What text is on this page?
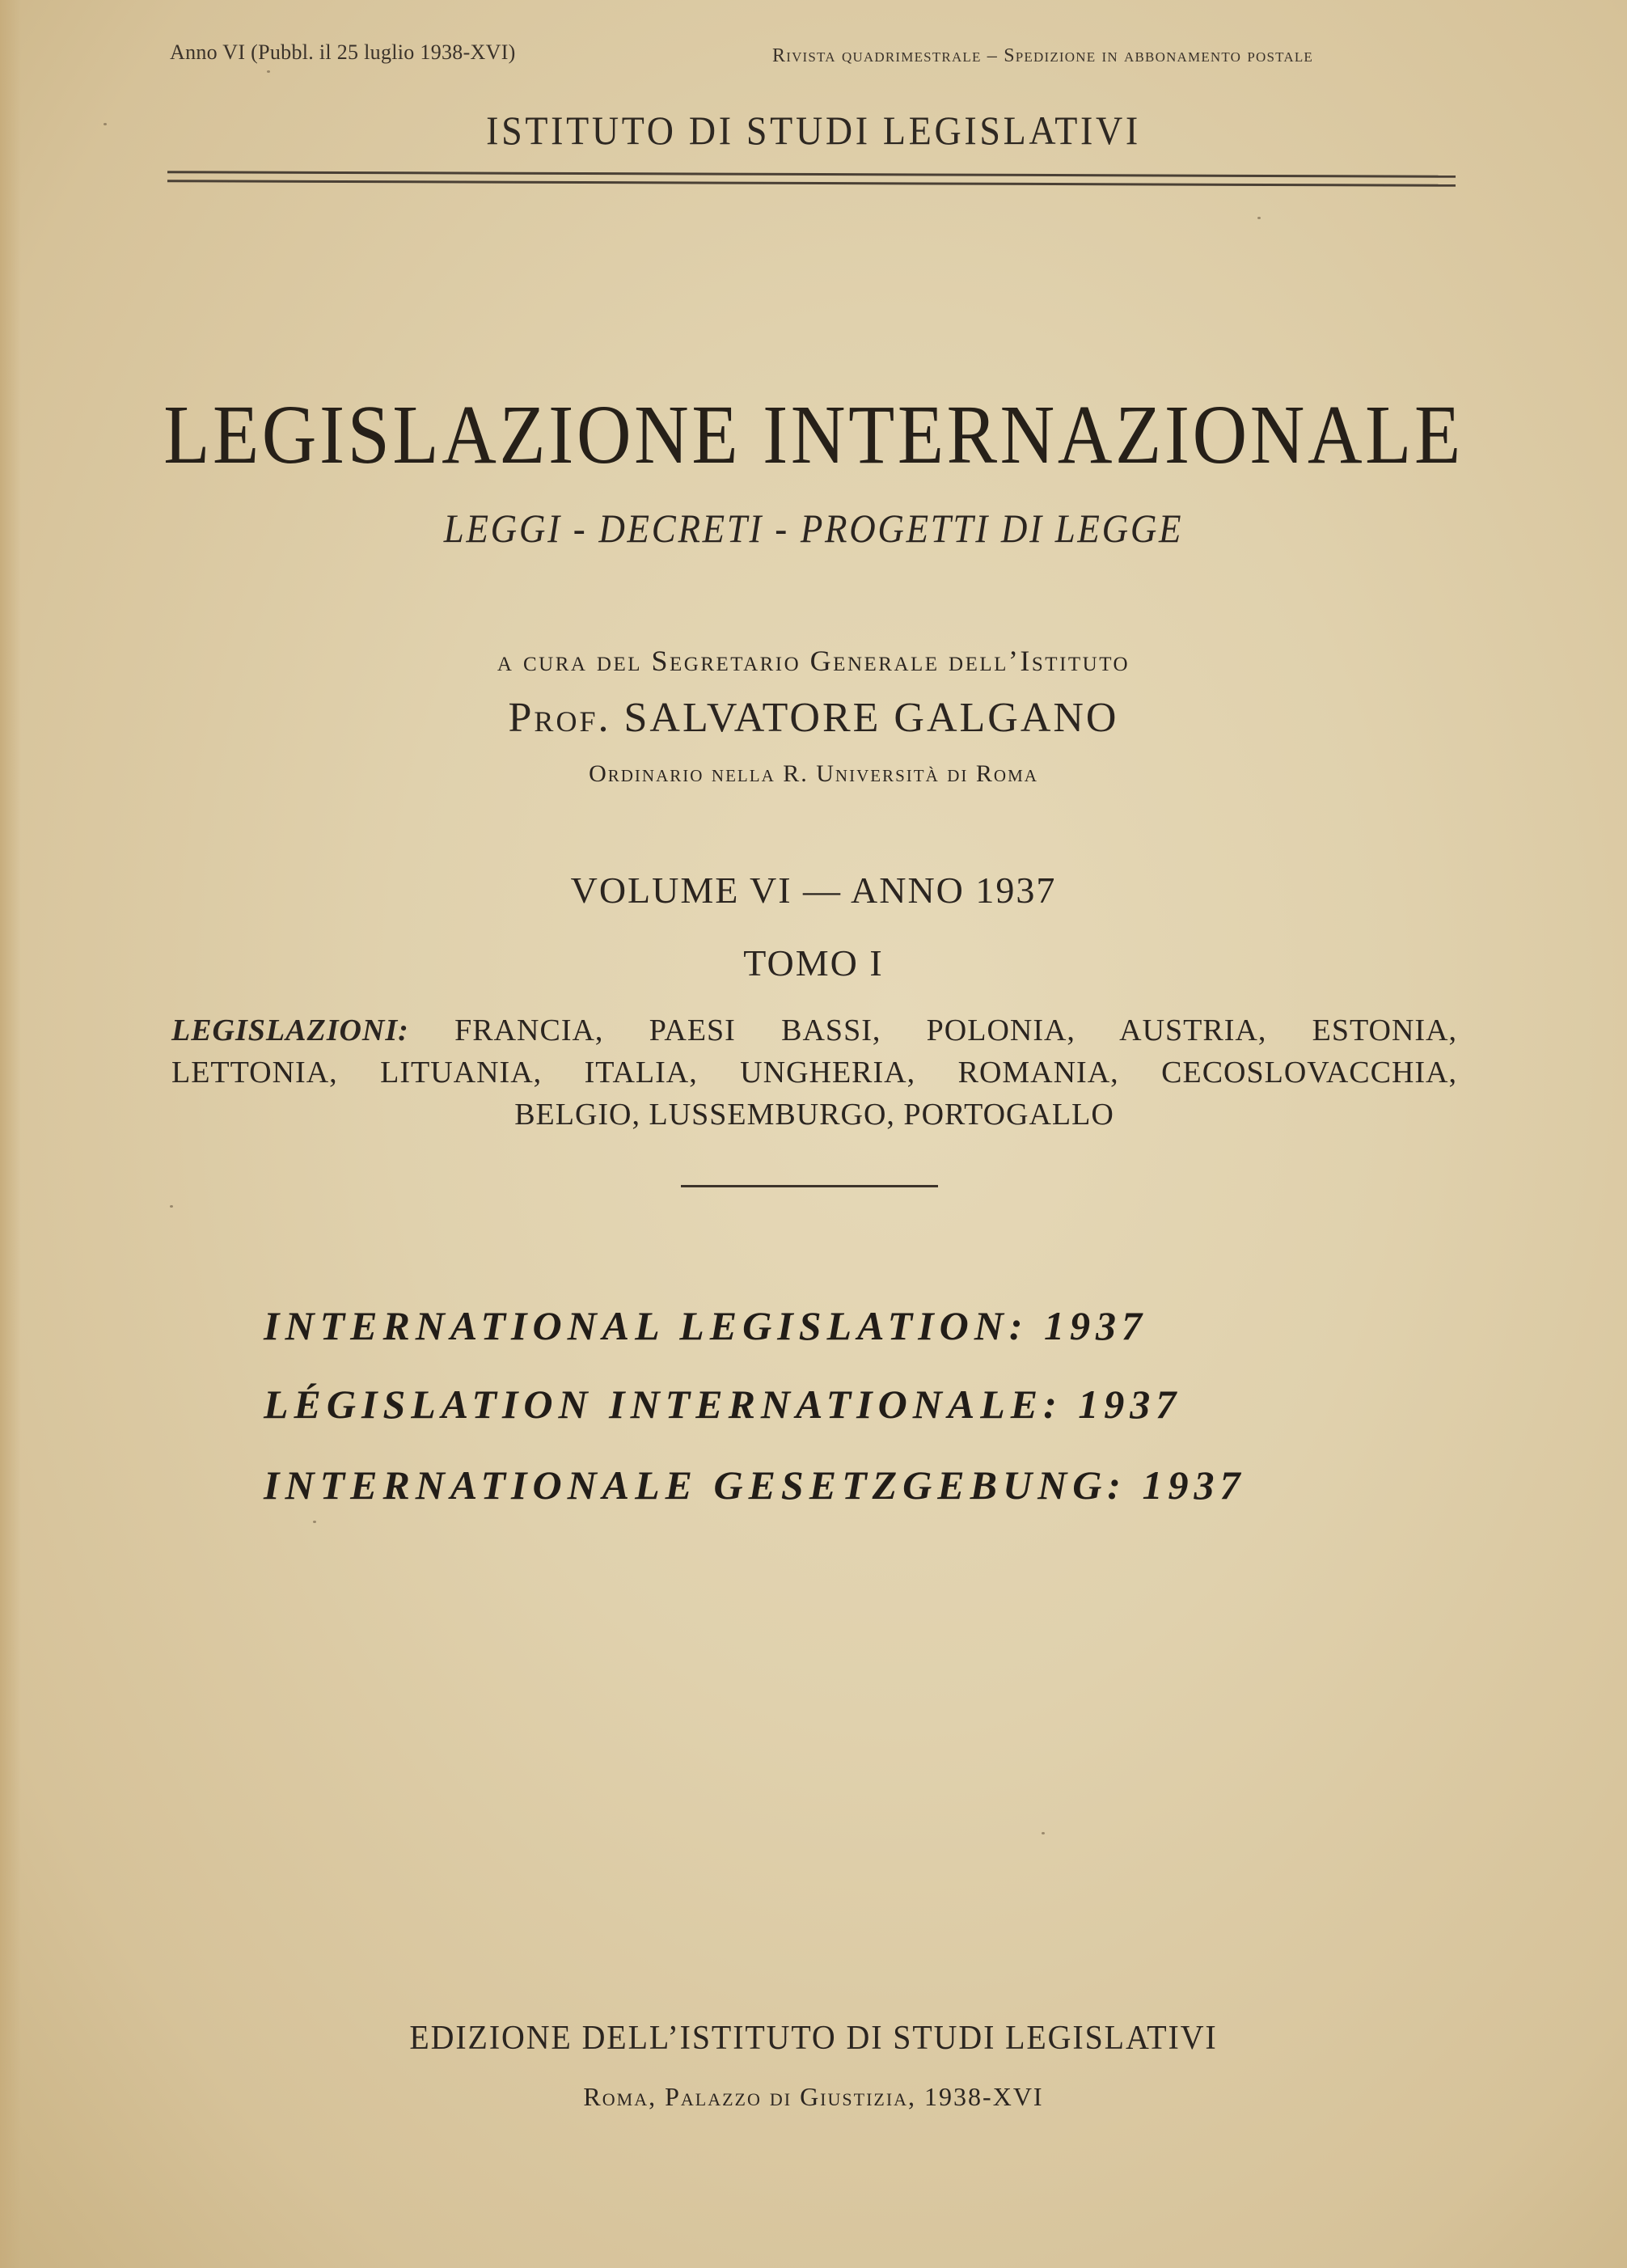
Anno VI (Pubbl. il 25 luglio 1938-XVI)	Rivista quadrimestrale – Spedizione in abbonamento postale
ISTITUTO DI STUDI LEGISLATIVI
LEGISLAZIONE INTERNAZIONALE
LEGGI - DECRETI - PROGETTI DI LEGGE
a cura del Segretario Generale dell’Istituto
Prof. SALVATORE GALGANO
Ordinario nella R. Università di Roma
VOLUME VI — ANNO 1937
TOMO I
LEGISLAZIONI: FRANCIA, PAESI BASSI, POLONIA, AUSTRIA, ESTONIA,
LETTONIA, LITUANIA, ITALIA, UNGHERIA, ROMANIA, CECOSLOVACCHIA,
BELGIO, LUSSEMBURGO, PORTOGALLO
INTERNATIONAL LEGISLATION: 1937
LÉGISLATION INTERNATIONALE: 1937
INTERNATIONALE GESETZGEBUNG: 1937
EDIZIONE DELL’ISTITUTO DI STUDI LEGISLATIVI
Roma, Palazzo di Giustizia, 1938-XVI
